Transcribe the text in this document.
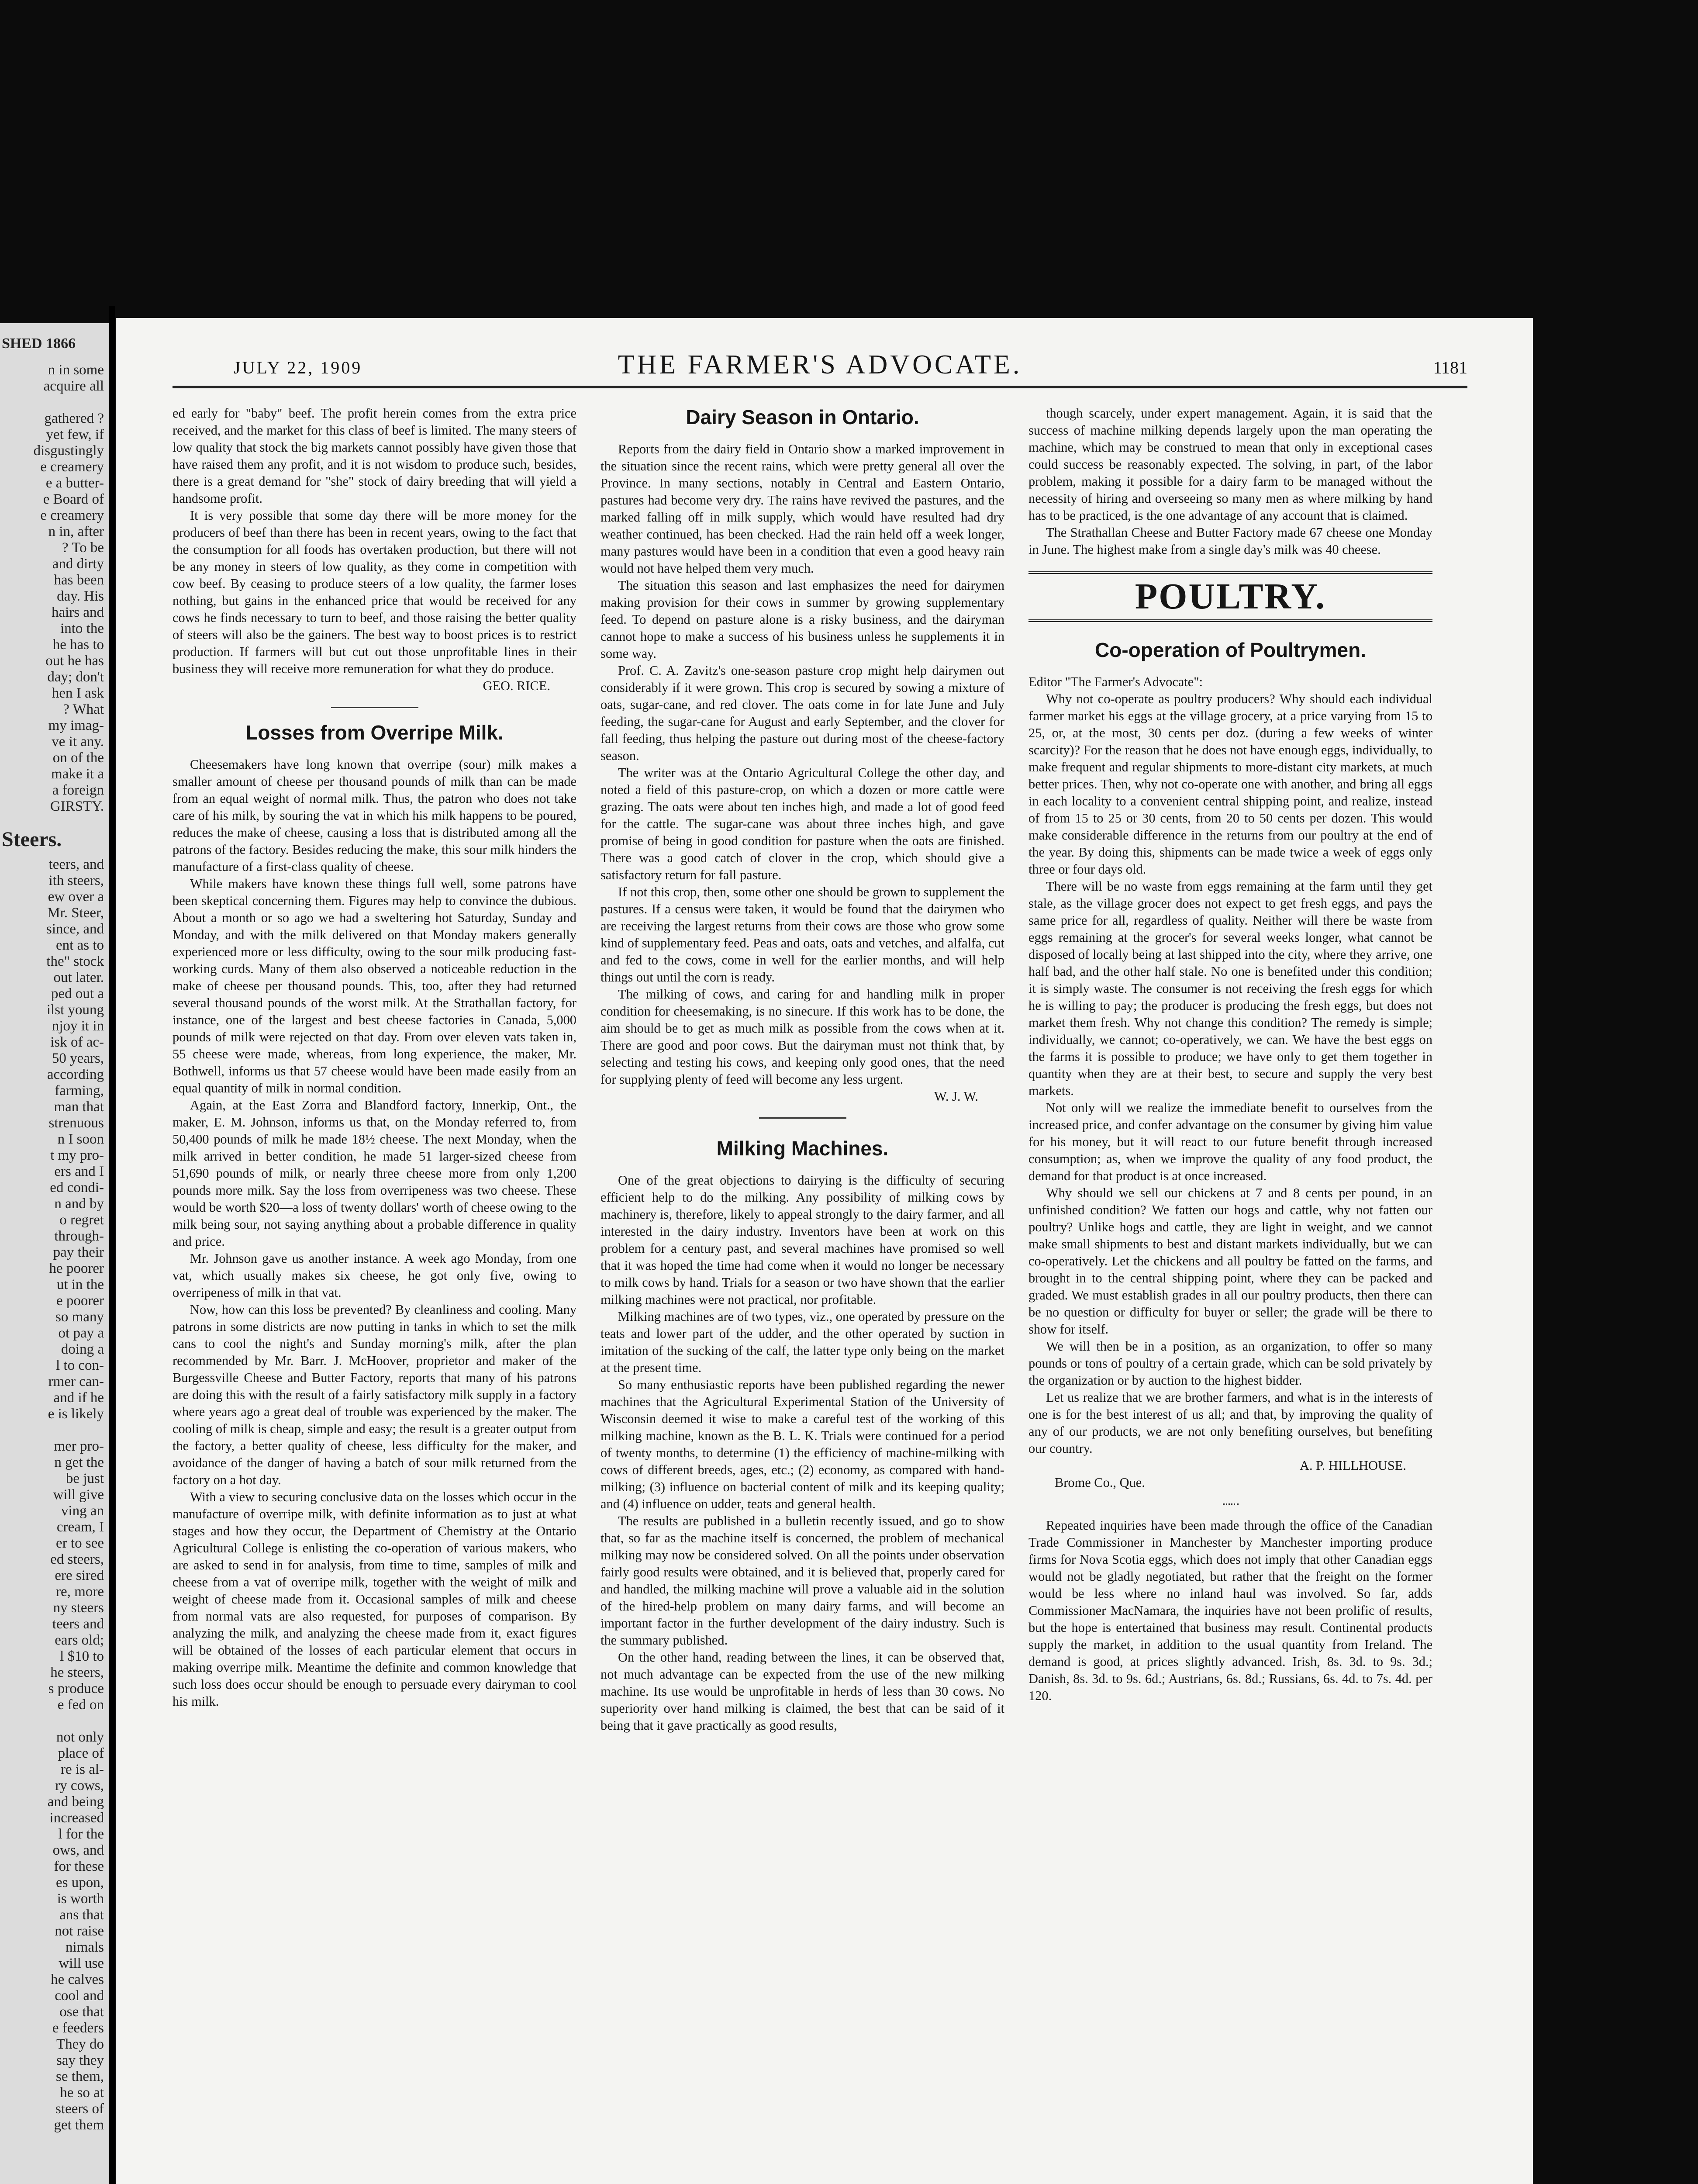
SHED 1866
n in some
acquire all

gathered ?
yet few, if
disgustingly
e creamery
e a butter-
e Board of
e creamery
n in, after
? To be
and dirty
has been
day. His
hairs and
into the
he has to
out he has
day; don't
hen I ask
? What
my imag-
ve it any.
on of the
make it a
a foreign
GIRSTY.
Steers.
teers, and
ith steers,
ew over a
Mr. Steer,
since, and
ent as to
the" stock
out later.
ped out a
ilst young
njoy it in
isk of ac-
50 years,
according
farming,
man that
strenuous
n I soon
t my pro-
ers and I
ed condi-
n and by
o regret
through-
pay their
he poorer
ut in the
e poorer
so many
ot pay a
doing a
l to con-
rmer can-
and if he
e is likely

mer pro-
n get the
be just
will give
ving an
cream, I
er to see
ed steers,
ere sired
re, more
ny steers
teers and
ears old;
l $10 to
he steers,
s produce
e fed on

not only
place of
re is al-
ry cows,
and being
increased
l for the
ows, and
for these
es upon,
is worth
ans that
not raise
nimals
will use
he calves
cool and
ose that
e feeders
They do
say they
se them,
he so at
steers of
get them
JULY 22, 1909	THE FARMER'S ADVOCATE.	1181

ed early for "baby" beef. The profit herein comes from the extra price received, and the market for this class of beef is limited. The many steers of low quality that stock the big markets cannot possibly have given those that have raised them any profit, and it is not wisdom to produce such, besides, there is a great demand for "she" stock of dairy breeding that will yield a handsome profit.

It is very possible that some day there will be more money for the producers of beef than there has been in recent years, owing to the fact that the consumption for all foods has overtaken production, but there will not be any money in steers of low quality, as they come in competition with cow beef. By ceasing to produce steers of a low quality, the farmer loses nothing, but gains in the enhanced price that would be received for any cows he finds necessary to turn to beef, and those raising the better quality of steers will also be the gainers. The best way to boost prices is to restrict production. If farmers will but cut out those unprofitable lines in their business they will receive more remuneration for what they do produce.

GEO. RICE.

Losses from Overripe Milk.

Cheesemakers have long known that overripe (sour) milk makes a smaller amount of cheese per thousand pounds of milk than can be made from an equal weight of normal milk. Thus, the patron who does not take care of his milk, by souring the vat in which his milk happens to be poured, reduces the make of cheese, causing a loss that is distributed among all the patrons of the factory. Besides reducing the make, this sour milk hinders the manufacture of a first-class quality of cheese.

While makers have known these things full well, some patrons have been skeptical concerning them. Figures may help to convince the dubious. About a month or so ago we had a sweltering hot Saturday, Sunday and Monday, and with the milk delivered on that Monday makers generally experienced more or less difficulty, owing to the sour milk producing fast-working curds. Many of them also observed a noticeable reduction in the make of cheese per thousand pounds. This, too, after they had returned several thousand pounds of the worst milk. At the Strathallan factory, for instance, one of the largest and best cheese factories in Canada, 5,000 pounds of milk were rejected on that day. From over eleven vats taken in, 55 cheese were made, whereas, from long experience, the maker, Mr. Bothwell, informs us that 57 cheese would have been made easily from an equal quantity of milk in normal condition.

Again, at the East Zorra and Blandford factory, Innerkip, Ont., the maker, E. M. Johnson, informs us that, on the Monday referred to, from 50,400 pounds of milk he made 18½ cheese. The next Monday, when the milk arrived in better condition, he made 51 larger-sized cheese from 51,690 pounds of milk, or nearly three cheese more from only 1,200 pounds more milk. Say the loss from overripeness was two cheese. These would be worth $20—a loss of twenty dollars' worth of cheese owing to the milk being sour, not saying anything about a probable difference in quality and price.

Mr. Johnson gave us another instance. A week ago Monday, from one vat, which usually makes six cheese, he got only five, owing to overripeness of milk in that vat.

Now, how can this loss be prevented? By cleanliness and cooling. Many patrons in some districts are now putting in tanks in which to set the milk cans to cool the night's and Sunday morning's milk, after the plan recommended by Mr. Barr. J. McHoover, proprietor and maker of the Burgessville Cheese and Butter Factory, reports that many of his patrons are doing this with the result of a fairly satisfactory milk supply in a factory where years ago a great deal of trouble was experienced by the maker. The cooling of milk is cheap, simple and easy; the result is a greater output from the factory, a better quality of cheese, less difficulty for the maker, and avoidance of the danger of having a batch of sour milk returned from the factory on a hot day.

With a view to securing conclusive data on the losses which occur in the manufacture of overripe milk, with definite information as to just at what stages and how they occur, the Department of Chemistry at the Ontario Agricultural College is enlisting the co-operation of various makers, who are asked to send in for analysis, from time to time, samples of milk and cheese from a vat of overripe milk, together with the weight of milk and weight of cheese made from it. Occasional samples of milk and cheese from normal vats are also requested, for purposes of comparison. By analyzing the milk, and analyzing the cheese made from it, exact figures will be obtained of the losses of each particular element that occurs in making overripe milk. Meantime the definite and common knowledge that such loss does occur should be enough to persuade every dairyman to cool his milk.

Dairy Season in Ontario.

Reports from the dairy field in Ontario show a marked improvement in the situation since the recent rains, which were pretty general all over the Province. In many sections, notably in Central and Eastern Ontario, pastures had become very dry. The rains have revived the pastures, and the marked falling off in milk supply, which would have resulted had dry weather continued, has been checked. Had the rain held off a week longer, many pastures would have been in a condition that even a good heavy rain would not have helped them very much.

The situation this season and last emphasizes the need for dairymen making provision for their cows in summer by growing supplementary feed. To depend on pasture alone is a risky business, and the dairyman cannot hope to make a success of his business unless he supplements it in some way.

Prof. C. A. Zavitz's one-season pasture crop might help dairymen out considerably if it were grown. This crop is secured by sowing a mixture of oats, sugar-cane, and red clover. The oats come in for late June and July feeding, the sugar-cane for August and early September, and the clover for fall feeding, thus helping the pasture out during most of the cheese-factory season.

The writer was at the Ontario Agricultural College the other day, and noted a field of this pasture-crop, on which a dozen or more cattle were grazing. The oats were about ten inches high, and made a lot of good feed for the cattle. The sugar-cane was about three inches high, and gave promise of being in good condition for pasture when the oats are finished. There was a good catch of clover in the crop, which should give a satisfactory return for fall pasture.

If not this crop, then, some other one should be grown to supplement the pastures. If a census were taken, it would be found that the dairymen who are receiving the largest returns from their cows are those who grow some kind of supplementary feed. Peas and oats, oats and vetches, and alfalfa, cut and fed to the cows, come in well for the earlier months, and will help things out until the corn is ready.

The milking of cows, and caring for and handling milk in proper condition for cheesemaking, is no sinecure. If this work has to be done, the aim should be to get as much milk as possible from the cows when at it. There are good and poor cows. But the dairyman must not think that, by selecting and testing his cows, and keeping only good ones, that the need for supplying plenty of feed will become any less urgent.

W. J. W.

Milking Machines.

One of the great objections to dairying is the difficulty of securing efficient help to do the milking. Any possibility of milking cows by machinery is, therefore, likely to appeal strongly to the dairy farmer, and all interested in the dairy industry. Inventors have been at work on this problem for a century past, and several machines have promised so well that it was hoped the time had come when it would no longer be necessary to milk cows by hand. Trials for a season or two have shown that the earlier milking machines were not practical, nor profitable.

Milking machines are of two types, viz., one operated by pressure on the teats and lower part of the udder, and the other operated by suction in imitation of the sucking of the calf, the latter type only being on the market at the present time.

So many enthusiastic reports have been published regarding the newer machines that the Agricultural Experimental Station of the University of Wisconsin deemed it wise to make a careful test of the working of this milking machine, known as the B. L. K. Trials were continued for a period of twenty months, to determine (1) the efficiency of machine-milking with cows of different breeds, ages, etc.; (2) economy, as compared with hand-milking; (3) influence on bacterial content of milk and its keeping quality; and (4) influence on udder, teats and general health.

The results are published in a bulletin recently issued, and go to show that, so far as the machine itself is concerned, the problem of mechanical milking may now be considered solved. On all the points under observation fairly good results were obtained, and it is believed that, properly cared for and handled, the milking machine will prove a valuable aid in the solution of the hired-help problem on many dairy farms, and will become an important factor in the further development of the dairy industry. Such is the summary published.

On the other hand, reading between the lines, it can be observed that, not much advantage can be expected from the use of the new milking machine. Its use would be unprofitable in herds of less than 30 cows. No superiority over hand milking is claimed, the best that can be said of it being that it gave practically as good results,

though scarcely, under expert management. Again, it is said that the success of machine milking depends largely upon the man operating the machine, which may be construed to mean that only in exceptional cases could success be reasonably expected. The solving, in part, of the labor problem, making it possible for a dairy farm to be managed without the necessity of hiring and overseeing so many men as where milking by hand has to be practiced, is the one advantage of any account that is claimed.

The Strathallan Cheese and Butter Factory made 67 cheese one Monday in June. The highest make from a single day's milk was 40 cheese.

POULTRY.
Co-operation of Poultrymen.

Editor "The Farmer's Advocate":

Why not co-operate as poultry producers? Why should each individual farmer market his eggs at the village grocery, at a price varying from 15 to 25, or, at the most, 30 cents per doz. (during a few weeks of winter scarcity)? For the reason that he does not have enough eggs, individually, to make frequent and regular shipments to more-distant city markets, at much better prices. Then, why not co-operate one with another, and bring all eggs in each locality to a convenient central shipping point, and realize, instead of from 15 to 25 or 30 cents, from 20 to 50 cents per dozen. This would make considerable difference in the returns from our poultry at the end of the year. By doing this, shipments can be made twice a week of eggs only three or four days old.

There will be no waste from eggs remaining at the farm until they get stale, as the village grocer does not expect to get fresh eggs, and pays the same price for all, regardless of quality. Neither will there be waste from eggs remaining at the grocer's for several weeks longer, what cannot be disposed of locally being at last shipped into the city, where they arrive, one half bad, and the other half stale. No one is benefited under this condition; it is simply waste. The consumer is not receiving the fresh eggs for which he is willing to pay; the producer is producing the fresh eggs, but does not market them fresh. Why not change this condition? The remedy is simple; individually, we cannot; co-operatively, we can. We have the best eggs on the farms it is possible to produce; we have only to get them together in quantity when they are at their best, to secure and supply the very best markets.

Not only will we realize the immediate benefit to ourselves from the increased price, and confer advantage on the consumer by giving him value for his money, but it will react to our future benefit through increased consumption; as, when we improve the quality of any food product, the demand for that product is at once increased.

Why should we sell our chickens at 7 and 8 cents per pound, in an unfinished condition? We fatten our hogs and cattle, why not fatten our poultry? Unlike hogs and cattle, they are light in weight, and we cannot make small shipments to best and distant markets individually, but we can co-operatively. Let the chickens and all poultry be fatted on the farms, and brought in to the central shipping point, where they can be packed and graded. We must establish grades in all our poultry products, then there can be no question or difficulty for buyer or seller; the grade will be there to show for itself.

We will then be in a position, as an organization, to offer so many pounds or tons of poultry of a certain grade, which can be sold privately by the organization or by auction to the highest bidder.

Let us realize that we are brother farmers, and what is in the interests of one is for the best interest of us all; and that, by improving the quality of any of our products, we are not only benefiting ourselves, but benefiting our country.

A. P. HILLHOUSE.

Brome Co., Que.

Repeated inquiries have been made through the office of the Canadian Trade Commissioner in Manchester by Manchester importing produce firms for Nova Scotia eggs, which does not imply that other Canadian eggs would not be gladly negotiated, but rather that the freight on the former would be less where no inland haul was involved. So far, adds Commissioner MacNamara, the inquiries have not been prolific of results, but the hope is entertained that business may result. Continental products supply the market, in addition to the usual quantity from Ireland. The demand is good, at prices slightly advanced. Irish, 8s. 3d. to 9s. 3d.; Danish, 8s. 3d. to 9s. 6d.; Austrians, 6s. 8d.; Russians, 6s. 4d. to 7s. 4d. per 120.
